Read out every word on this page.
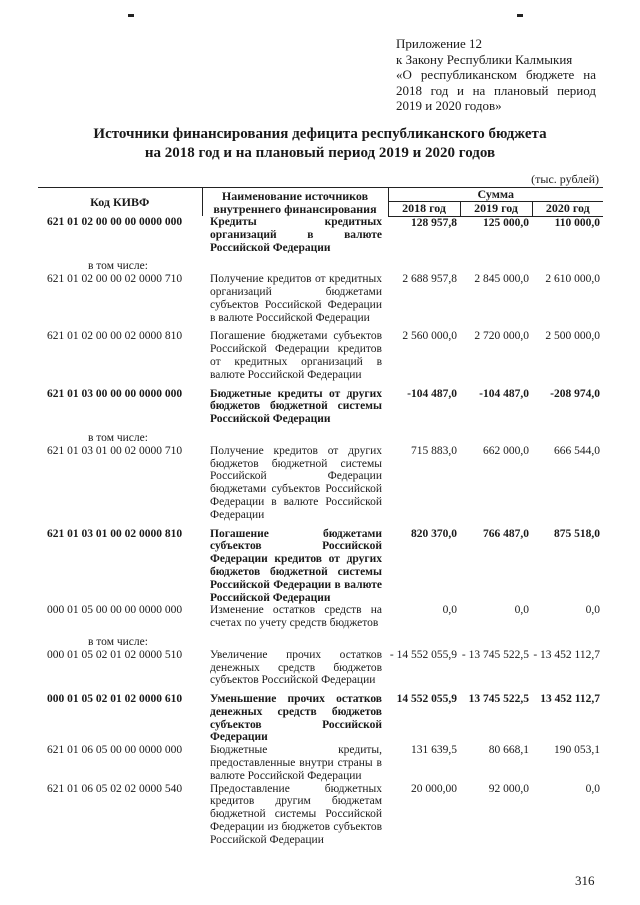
Приложение 12
к Закону Республики Калмыкия
«О республиканском бюджете на
2018 год и на плановый период
2019 и 2020 годов»
Источники финансирования дефицита республиканского бюджета
на 2018 год и на плановый период 2019 и 2020 годов
(тыс. рублей)
Код КИВФ	Наименование источников внутреннего финансирования	Сумма		
		2018 год	2019 год	2020 год
621 01 02 00 00 00 0000 000	Кредиты кредитных организаций в валюте Российской Федерации	128 957,8	125 000,0	110 000,0
в том числе:				
621 01 02 00 00 02 0000 710	Получение кредитов от кредитных организаций бюджетами субъектов Российской Федерации в валюте Российской Федерации	2 688 957,8	2 845 000,0	2 610 000,0
621 01 02 00 00 02 0000 810	Погашение бюджетами субъектов Российской Федерации кредитов от кредитных организаций в валюте Российской Федерации	2 560 000,0	2 720 000,0	2 500 000,0
621 01 03 00 00 00 0000 000	Бюджетные кредиты от других бюджетов бюджетной системы Российской Федерации	-104 487,0	-104 487,0	-208 974,0
в том числе:				
621 01 03 01 00 02 0000 710	Получение кредитов от других бюджетов бюджетной системы Российской Федерации бюджетами субъектов Российской Федерации в валюте Российской Федерации	715 883,0	662 000,0	666 544,0
621 01 03 01 00 02 0000 810	Погашение бюджетами субъектов Российской Федерации кредитов от других бюджетов бюджетной системы Российской Федерации в валюте Российской Федерации	820 370,0	766 487,0	875 518,0
000 01 05 00 00 00 0000 000	Изменение остатков средств на счетах по учету средств бюджетов	0,0	0,0	0,0
в том числе:				
000 01 05 02 01 02 0000 510	Увеличение прочих остатков денежных средств бюджетов субъектов Российской Федерации	- 14 552 055,9	- 13 745 522,5	- 13 452 112,7
000 01 05 02 01 02 0000 610	Уменьшение прочих остатков денежных средств бюджетов субъектов Российской Федерации	14 552 055,9	13 745 522,5	13 452 112,7
621 01 06 05 00 00 0000 000	Бюджетные кредиты, предоставленные внутри страны в валюте Российской Федерации	131 639,5	80 668,1	190 053,1
621 01 06 05 02 02 0000 540	Предоставление бюджетных кредитов другим бюджетам бюджетной системы Российской Федерации из бюджетов субъектов Российской Федерации	20 000,00	92 000,0	0,0
316
